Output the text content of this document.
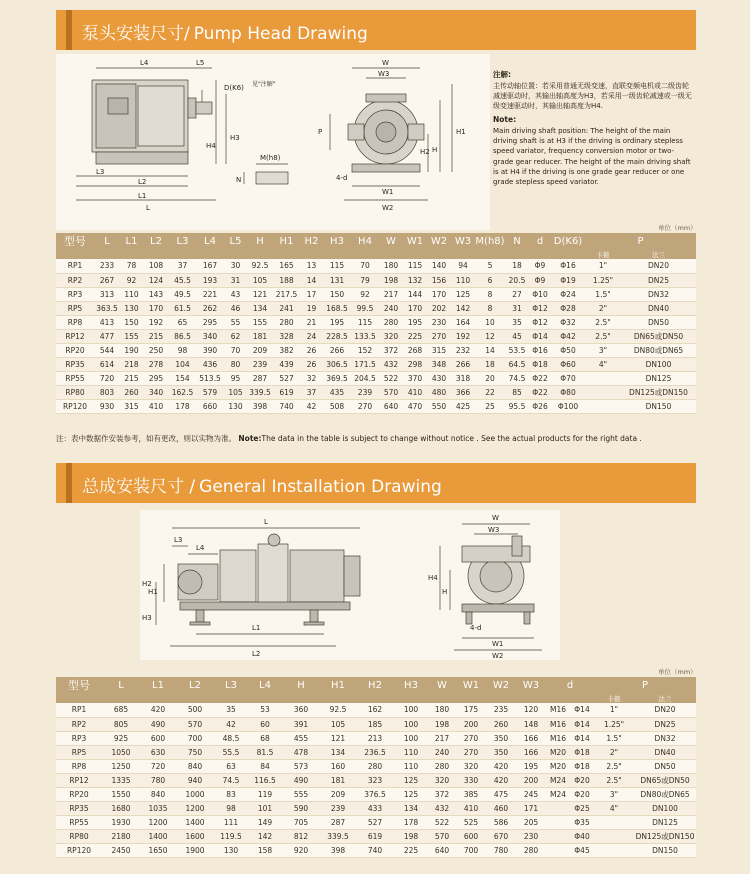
泵头安装尺寸/ Pump Head Drawing
L4	L5
L3
L2
L1
L
D(K6) 见"注解"
H4
H3
M(h8)
N
W
W3
P
H
H1
H2
4-d
W1
W2
注解:
主传动轴位置：若采用普通无级变速，直联变频电机或二级齿轮减速驱动时，其输出轴高度为H3，若采用一级齿轮减速或一级无级变速驱动时，其输出轴高度为H4.
Note:
Main driving shaft position: The height of the main driving shaft is at H3 if the driving is ordinary stepless speed variator, frequency conversion motor or two-grade gear reducer. The height of the main driving shaft is at H4 if the driving is one grade gear reducer or one grade stepless speed variator.
单位（mm）
型号	L	L1	L2	L3	L4	L5	H	H1	H2	H3	H4	W	W1	W2	W3	M(h8)	N	d	D(K6)	P	
																				卡箍	法兰
RP1	233	78	108	37	167	30	92.5	165	13	115	70	180	115	140	94	5	18	Φ9	Φ16	1"	DN20
RP2	267	92	124	45.5	193	31	105	188	14	131	79	198	132	156	110	6	20.5	Φ9	Φ19	1.25"	DN25
RP3	313	110	143	49.5	221	43	121	217.5	17	150	92	217	144	170	125	8	27	Φ10	Φ24	1.5"	DN32
RP5	363.5	130	170	61.5	262	46	134	241	19	168.5	99.5	240	170	202	142	8	31	Φ12	Φ28	2"	DN40
RP8	413	150	192	65	295	55	155	280	21	195	115	280	195	230	164	10	35	Φ12	Φ32	2.5"	DN50
RP12	477	155	215	86.5	340	62	181	328	24	228.5	133.5	320	225	270	192	12	45	Φ14	Φ42	2.5"	DN65或DN50
RP20	544	190	250	98	390	70	209	382	26	266	152	372	268	315	232	14	53.5	Φ16	Φ50	3"	DN80或DN65
RP35	614	218	278	104	436	80	239	439	26	306.5	171.5	432	298	348	266	18	64.5	Φ18	Φ60	4"	DN100
RP55	720	215	295	154	513.5	95	287	527	32	369.5	204.5	522	370	430	318	20	74.5	Φ22	Φ70		DN125
RP80	803	260	340	162.5	579	105	339.5	619	37	435	239	570	410	480	366	22	85	Φ22	Φ80		DN125或DN150
RP120	930	315	410	178	660	130	398	740	42	508	270	640	470	550	425	25	95.5	Φ26	Φ100		DN150
注：表中数据作安装参考，如有更改，则以实物为准。 Note:The data in the table is subject to change without notice . See the actual products for the right data .
总成安装尺寸 / General Installation Drawing
L
L3
L4
H2
H1
H3
L1
L2
W
W3
H4
H
4-d
W1
W2
单位（mm）
型号	L	L1	L2	L3	L4	H	H1	H2	H3	W	W1	W2	W3	d		P	
																卡箍	法兰
RP1	685	420	500	35	53	360	92.5	162	100	180	175	235	120	M16	Φ14	1"	DN20
RP2	805	490	570	42	60	391	105	185	100	198	200	260	148	M16	Φ14	1.25"	DN25
RP3	925	600	700	48.5	68	455	121	213	100	217	270	350	166	M16	Φ14	1.5"	DN32
RP5	1050	630	750	55.5	81.5	478	134	236.5	110	240	270	350	166	M20	Φ18	2"	DN40
RP8	1250	720	840	63	84	573	160	280	110	280	320	420	195	M20	Φ18	2.5"	DN50
RP12	1335	780	940	74.5	116.5	490	181	323	125	320	330	420	200	M24	Φ20	2.5"	DN65或DN50
RP20	1550	840	1000	83	119	555	209	376.5	125	372	385	475	245	M24	Φ20	3"	DN80或DN65
RP35	1680	1035	1200	98	101	590	239	433	134	432	410	460	171		Φ25	4"	DN100
RP55	1930	1200	1400	111	149	705	287	527	178	522	525	586	205		Φ35		DN125
RP80	2180	1400	1600	119.5	142	812	339.5	619	198	570	600	670	230		Φ40		DN125或DN150
RP120	2450	1650	1900	130	158	920	398	740	225	640	700	780	280		Φ45		DN150
